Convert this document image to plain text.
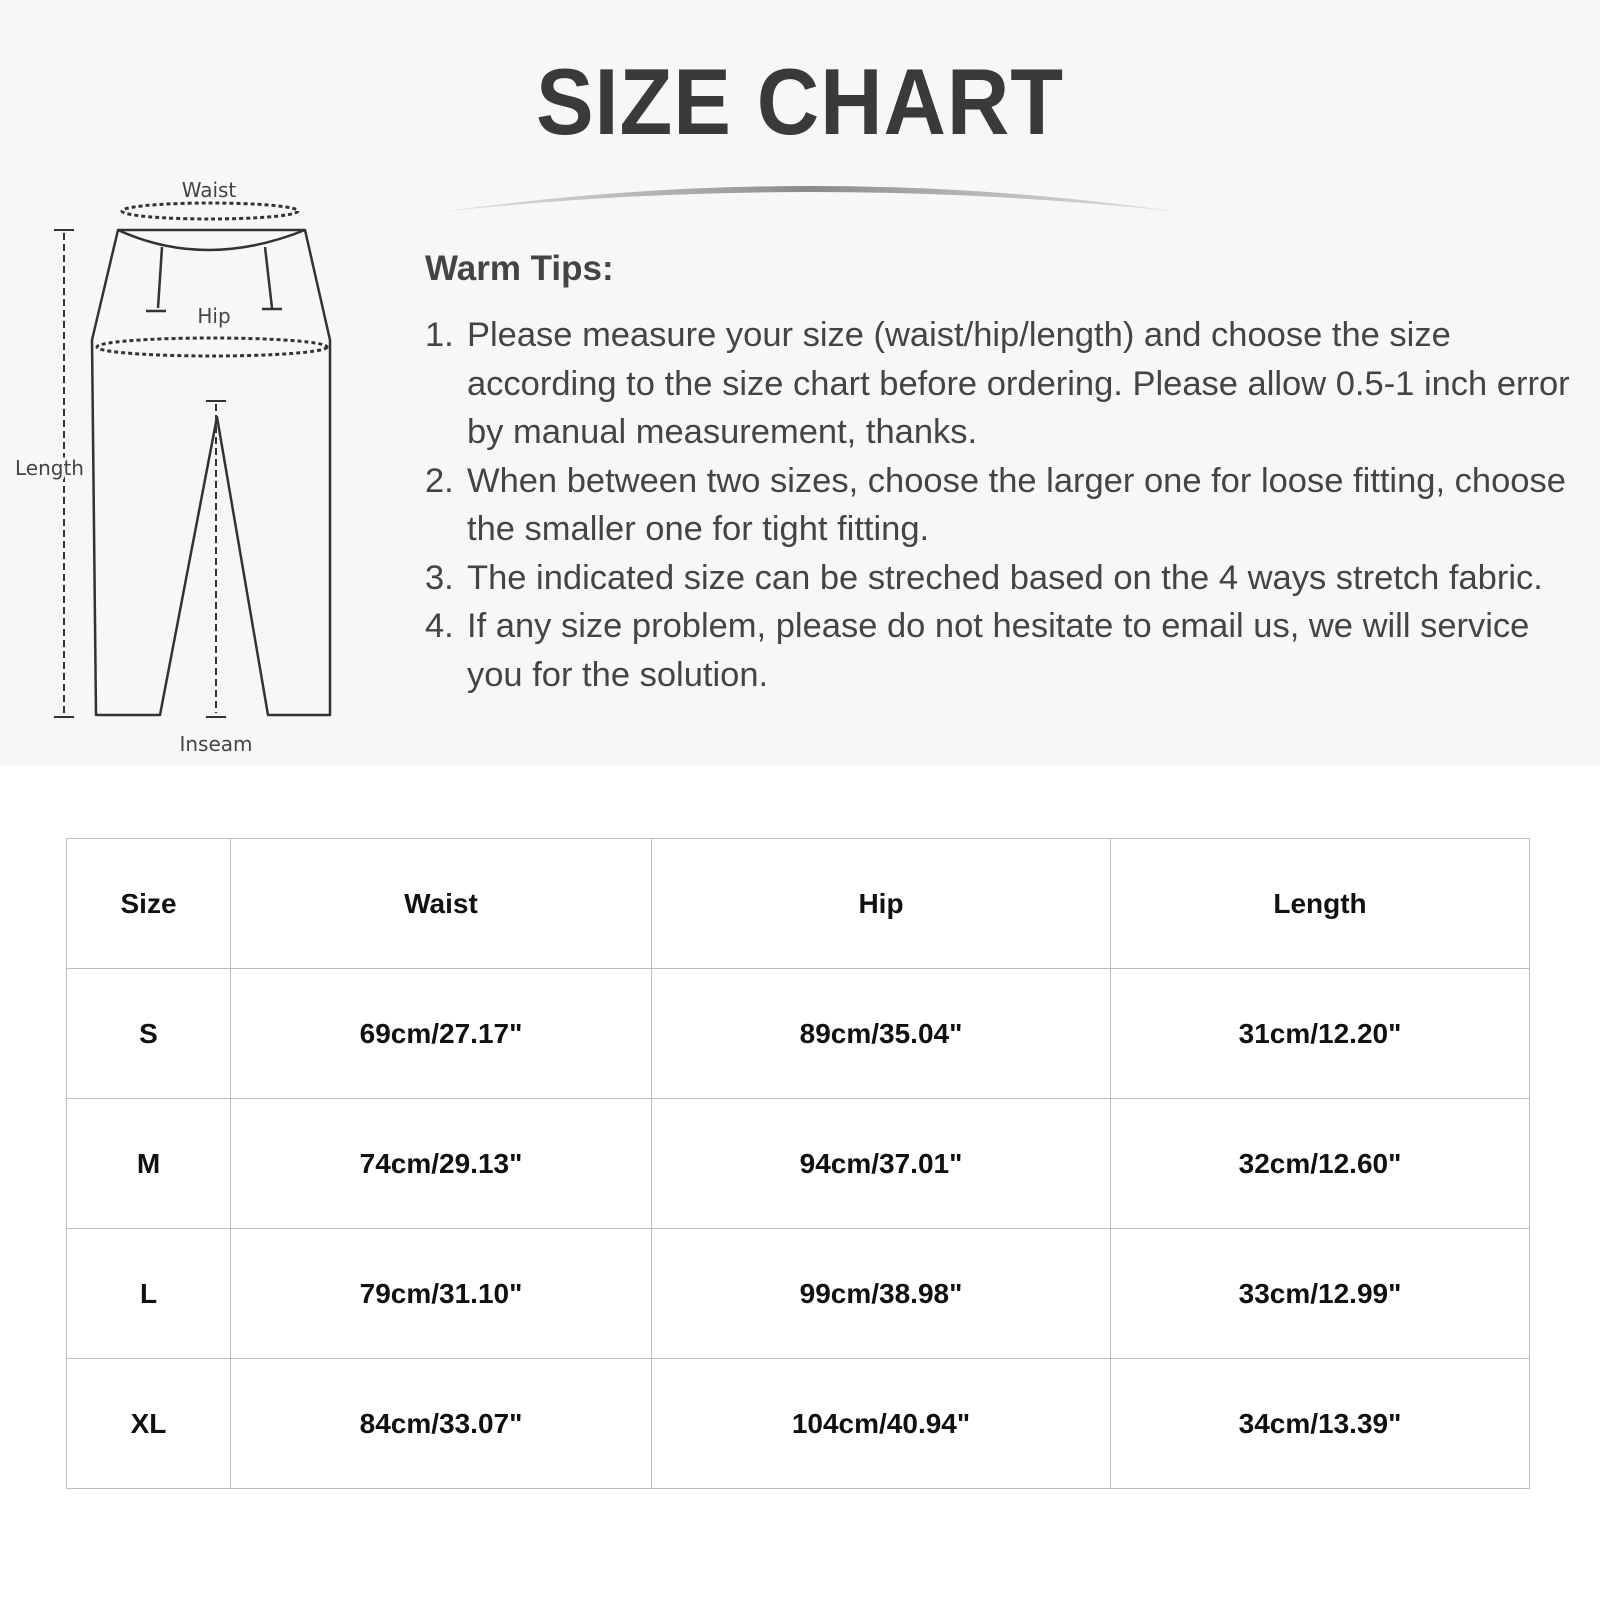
SIZE CHART
Waist
Hip
Length
Inseam
Warm Tips:
1. Please measure your size (waist/hip/length) and choose the size according to the size chart before ordering. Please allow 0.5-1 inch error by manual measurement, thanks.
2. When between two sizes, choose the larger one for loose fitting, choose the smaller one for tight fitting.
3. The indicated size can be streched based on the 4 ways stretch fabric.
4. If any size problem, please do not hesitate to email us, we will service you for the solution.
Size	Waist	Hip	Length
S	69cm/27.17"	89cm/35.04"	31cm/12.20"
M	74cm/29.13"	94cm/37.01"	32cm/12.60"
L	79cm/31.10"	99cm/38.98"	33cm/12.99"
XL	84cm/33.07"	104cm/40.94"	34cm/13.39"
